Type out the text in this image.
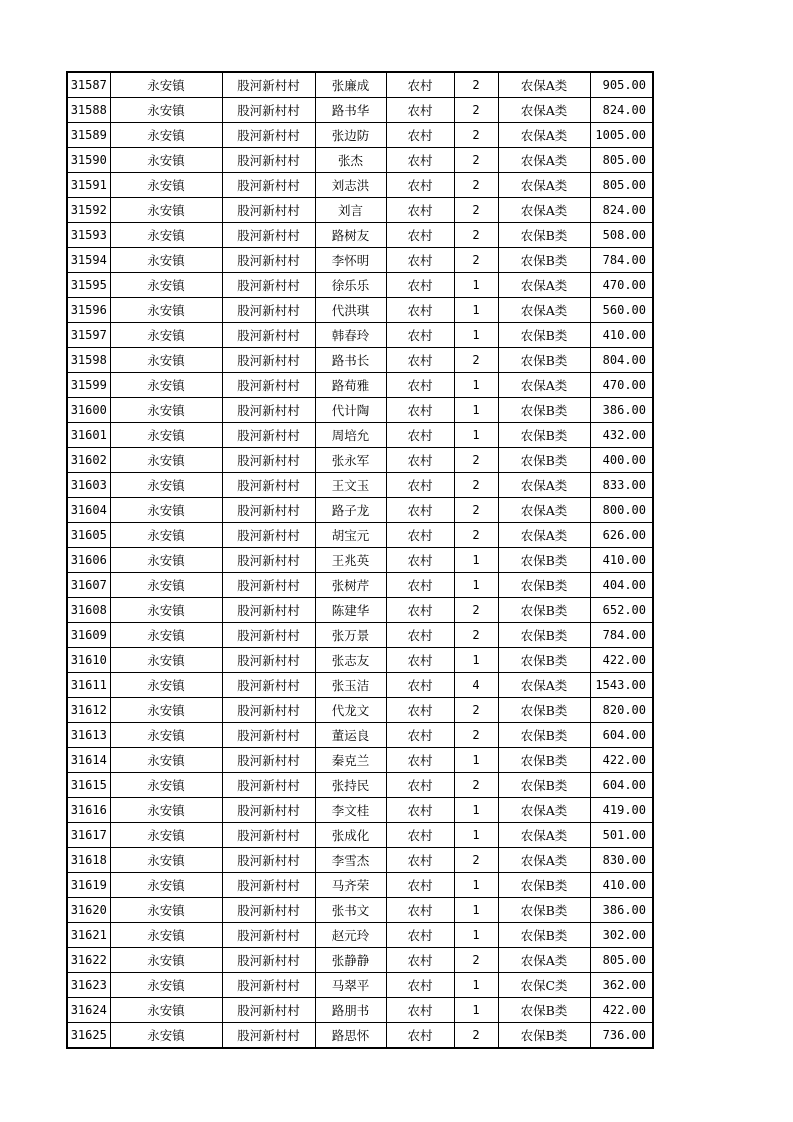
31587	永安镇	股河新村村	张廉成	农村	2	农保A类	905.00
31588	永安镇	股河新村村	路书华	农村	2	农保A类	824.00
31589	永安镇	股河新村村	张边防	农村	2	农保A类	1005.00
31590	永安镇	股河新村村	张杰	农村	2	农保A类	805.00
31591	永安镇	股河新村村	刘志洪	农村	2	农保A类	805.00
31592	永安镇	股河新村村	刘言	农村	2	农保A类	824.00
31593	永安镇	股河新村村	路树友	农村	2	农保B类	508.00
31594	永安镇	股河新村村	李怀明	农村	2	农保B类	784.00
31595	永安镇	股河新村村	徐乐乐	农村	1	农保A类	470.00
31596	永安镇	股河新村村	代洪琪	农村	1	农保A类	560.00
31597	永安镇	股河新村村	韩春玲	农村	1	农保B类	410.00
31598	永安镇	股河新村村	路书长	农村	2	农保B类	804.00
31599	永安镇	股河新村村	路荀雅	农村	1	农保A类	470.00
31600	永安镇	股河新村村	代计陶	农村	1	农保B类	386.00
31601	永安镇	股河新村村	周培允	农村	1	农保B类	432.00
31602	永安镇	股河新村村	张永军	农村	2	农保B类	400.00
31603	永安镇	股河新村村	王文玉	农村	2	农保A类	833.00
31604	永安镇	股河新村村	路子龙	农村	2	农保A类	800.00
31605	永安镇	股河新村村	胡宝元	农村	2	农保A类	626.00
31606	永安镇	股河新村村	王兆英	农村	1	农保B类	410.00
31607	永安镇	股河新村村	张树芹	农村	1	农保B类	404.00
31608	永安镇	股河新村村	陈建华	农村	2	农保B类	652.00
31609	永安镇	股河新村村	张万景	农村	2	农保B类	784.00
31610	永安镇	股河新村村	张志友	农村	1	农保B类	422.00
31611	永安镇	股河新村村	张玉洁	农村	4	农保A类	1543.00
31612	永安镇	股河新村村	代龙文	农村	2	农保B类	820.00
31613	永安镇	股河新村村	董运良	农村	2	农保B类	604.00
31614	永安镇	股河新村村	秦克兰	农村	1	农保B类	422.00
31615	永安镇	股河新村村	张持民	农村	2	农保B类	604.00
31616	永安镇	股河新村村	李文桂	农村	1	农保A类	419.00
31617	永安镇	股河新村村	张成化	农村	1	农保A类	501.00
31618	永安镇	股河新村村	李雪杰	农村	2	农保A类	830.00
31619	永安镇	股河新村村	马齐荣	农村	1	农保B类	410.00
31620	永安镇	股河新村村	张书文	农村	1	农保B类	386.00
31621	永安镇	股河新村村	赵元玲	农村	1	农保B类	302.00
31622	永安镇	股河新村村	张静静	农村	2	农保A类	805.00
31623	永安镇	股河新村村	马翠平	农村	1	农保C类	362.00
31624	永安镇	股河新村村	路朋书	农村	1	农保B类	422.00
31625	永安镇	股河新村村	路思怀	农村	2	农保B类	736.00
